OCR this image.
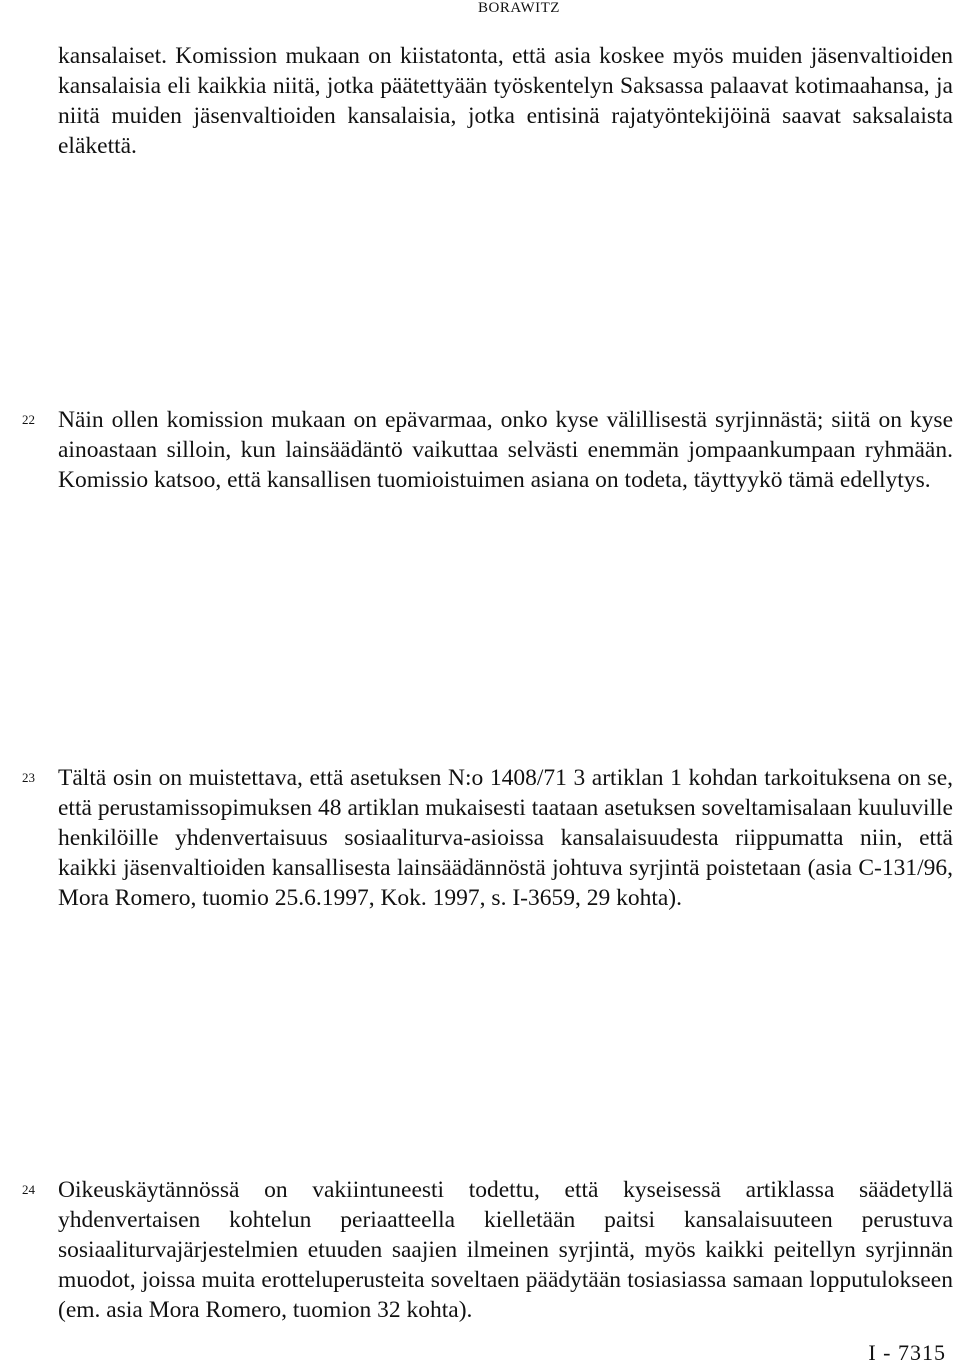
BORAWITZ

kansalaiset. Komission mukaan on kiistatonta, että asia koskee myös muiden jäsenvaltioiden kansalaisia eli kaikkia niitä, jotka päätettyään työskentelyn Saksassa palaavat kotimaahansa, ja niitä muiden jäsenvaltioiden kansalaisia, jotka entisinä rajatyöntekijöinä saavat saksalaista eläkettä.

22 Näin ollen komission mukaan on epävarmaa, onko kyse välillisestä syrjinnästä; siitä on kyse ainoastaan silloin, kun lainsäädäntö vaikuttaa selvästi enemmän jompaankumpaan ryhmään. Komissio katsoo, että kansallisen tuomioistuimen asiana on todeta, täyttyykö tämä edellytys.

23 Tältä osin on muistettava, että asetuksen N:o 1408/71 3 artiklan 1 kohdan tarkoituksena on se, että perustamissopimuksen 48 artiklan mukaisesti taataan asetuksen soveltamisalaan kuuluville henkilöille yhdenvertaisuus sosiaaliturva-asioissa kansalaisuudesta riippumatta niin, että kaikki jäsenvaltioiden kansallisesta lainsäädännöstä johtuva syrjintä poistetaan (asia C-131/96, Mora Romero, tuomio 25.6.1997, Kok. 1997, s. I-3659, 29 kohta).

24 Oikeuskäytännössä on vakiintuneesti todettu, että kyseisessä artiklassa säädetyllä yhdenvertaisen kohtelun periaatteella kielletään paitsi kansalaisuuteen perustuva sosiaaliturvajärjestelmien etuuden saajien ilmeinen syrjintä, myös kaikki peitellyn syrjinnän muodot, joissa muita erotteluperusteita soveltaen päädytään tosiasiassa samaan lopputulokseen (em. asia Mora Romero, tuomion 32 kohta).

I - 7315
